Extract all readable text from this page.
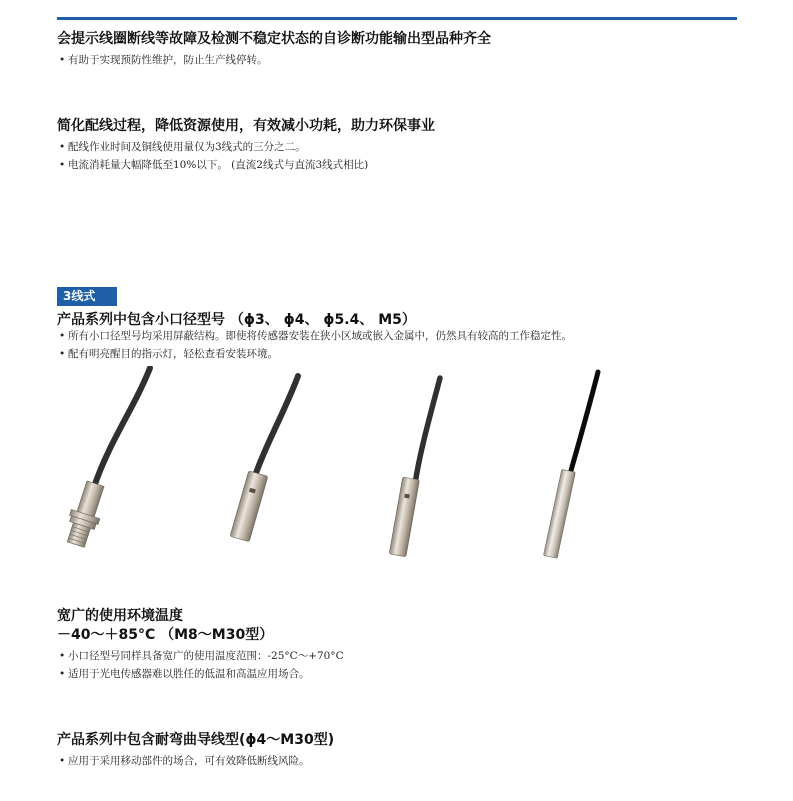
会提示线圈断线等故障及检测不稳定状态的自诊断功能输出型品种齐全
• 有助于实现预防性维护，防止生产线停转。
简化配线过程，降低资源使用，有效减小功耗，助力环保事业
• 配线作业时间及铜线使用量仅为3线式的三分之二。
• 电流消耗量大幅降低至10%以下。 (直流2线式与直流3线式相比)
3线式
产品系列中包含小口径型号 （ϕ3、 ϕ4、 ϕ5.4、 M5）
• 所有小口径型号均采用屏蔽结构。即使将传感器安装在狭小区域或嵌入金属中，仍然具有较高的工作稳定性。
• 配有明亮醒目的指示灯，轻松查看安装环境。
宽广的使用环境温度
－40～＋85°C （M8～M30型）
• 小口径型号同样具备宽广的使用温度范围：-25°C～+70°C
• 适用于光电传感器难以胜任的低温和高温应用场合。
产品系列中包含耐弯曲导线型(ϕ4～M30型)
• 应用于采用移动部件的场合，可有效降低断线风险。
